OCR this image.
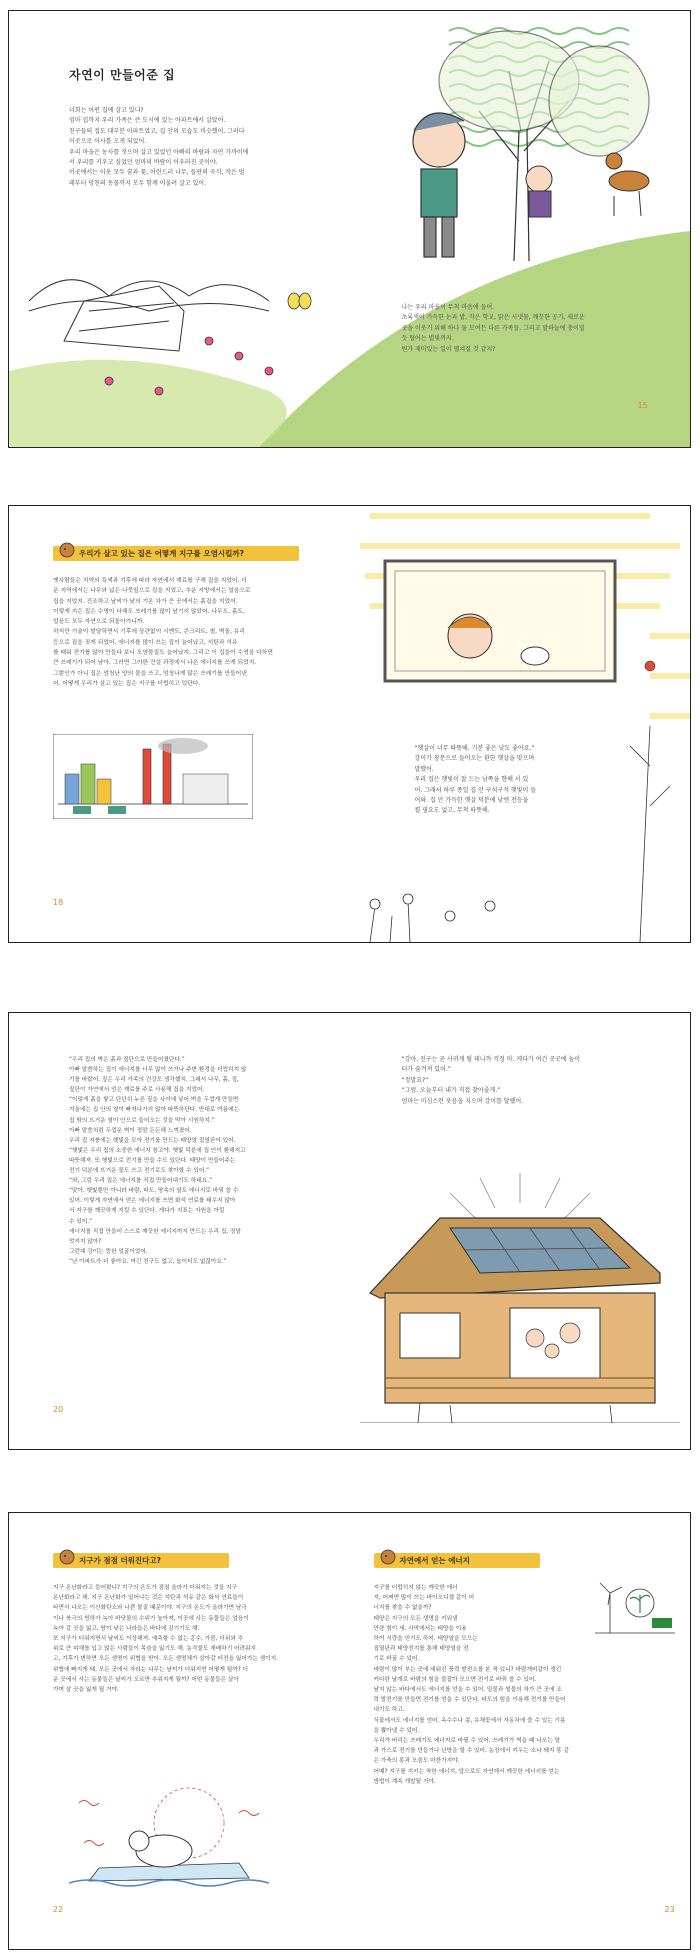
자연이 만들어준 집
너희는 어떤 집에 살고 있니?
엄마 집까지 우리 가족은 큰 도시에 있는 아파트에서 살았어.
친구들의 집도 대부분 아파트였고, 집 안의 모습도 비슷했어. 그러다
이곳으로 이사를 오게 되었어.
우리 마을은 농사를 짓으며 살고 있었던 아빠의 바람과 자연 가까이에
서 우리를 키우고 싶었던 엄마의 바람이 어우러진 곳이야.
이곳에서는 이웃 모두 꿈과 꽃, 어린드러 나무, 들판의 곡식, 작은 벌
레부터 덩친의 동물까지 모두 함께 어울려 살고 있어.
나는 우리 마을이 무척 마음에 들어.
초록색이 가득한 논과 밭, 작은 학교, 맑은 시냇물, 깨끗한 공기, 새로운
곳을 이웃기 위해 하나 둘 모여든 다른 가족들. 그리고 말하늘에 충이밀
듯 떨어는 별빛까지.
뭔가 재미있는 일이 펼쳐질 것 같지?
15
우리가 살고 있는 집은 어떻게 지구를 오염시킬까?
옛사람들은 지역의 특색과 기후에 따라 자연에서 재료를 구해 집을 지었어. 더
운 지역에서는 나무와 넓은 나뭇잎으로 집을 지었고, 추운 지방에서는 얼음으로
집을 지었지. 건조하고 날씨가 낮의 기온 차가 큰 곳에서는 흙집을 지었어.
이렇게 지은 집은 수명이 다해도 쓰레기를 많이 남기지 않았어. 나무도, 흙도,
얼음도 모두 자연으로 되돌아가니까.
하지만 기술이 발달하면서 기후에 상관없이 시멘트, 콘크리트, 철, 벽돌, 유리
등으로 집을 짓게 되었어. 에너지를 많이 쓰는 집이 늘어났고, 석탄과 석유
를 태워 전기를 많이 만들다 보니 오염물질도 늘어났지. 그리고 이 집들이 수명을 다하면
큰 쓰레기가 되어 남아. 그러면 그러한 건설 과정에서 나온 에너지를 쓰게 되었지.
그뿐인가 아니 집은 엄청난 양의 물을 쓰고, 엄청나게 많은 쓰레기를 만들어낸
어. 어떻게 우리가 살고 있는 집은 지구를 더럽히고 있단다.
18
“햇살이 너무 따뜻해. 기분 좋은 낮도 좋아요.”
강이가 창문으로 들어오는 환한 햇살을 맞으며
말했어.
우리 집은 햇빛이 잘 드는 남쪽을 향해 서 있
어. 그래서 하루 종일 집 안 구석구석 햇빛이 들
어와. 집 안 가득한 햇살 덕분에 낮엔 전등을
켤 필요도 없고, 무척 따뜻해.
“우리 집의 벽은 흙과 짚단으로 만들어졌단다.”
아빠 말씀하는 집이 에너지를 너무 많이 쓰거나 주변 환경을 더럽히지 않
기를 바랐어. 짚은 우리 가족의 건강도 생각했지. 그래서 나무, 흙, 짚,
짚단이 자연에서 얻은 재료를 주로 사용해 집을 지었어.
“이렇게 흙을 쌓고 단단히 누른 짚을 사이에 넣어 벽을 두껍게 만들면
겨울에는 집 안의 열이 빠져나가지 않아 따뜻하단다. 반대로 여름에는
집 밖의 뜨거운 열이 안으로 들어오는 것을 막아 시원하지.”
아빠 말씀처럼 두껍운 벽이 정말 든든해 느껴졌어.
우리 집 지붕에는 햇빛을 모아 전기를 만드는 태양열 집열판이 있어.
“햇빛은 우리 집의 소중한 에너지 창고야. 햇빛 덕분에 집 안이 환해지고
따뜻해져. 또 햇빛으로 전기를 만들 수도 있단다. 태양이 만들어주는
전기 덕분에 뜨거운 물도 쓰고 전기로도 찾아할 수 있어.”
“와, 그럼 우리 집은 에너지를 직접 만들어내기도 하네요.”
“맞아. 햇빛뿐만 아니라 바람, 파도, 땅속의 열도 에너지로 바꿔 쓸 수
있어. 이렇게 자연에서 얻은 에너지를 쓰면 화석 연료를 태우지 않아
서 지구를 깨끗하게 지킬 수 있단다. 게다가 지표는 자원을 아낄
수 있어.”
에너지를 직접 만들어 스스로 깨끗한 에너지까지 만드는 우리 집, 정말
멋지지 않아?
그런데 강이는 뚱한 얼굴이었어.
“난 아파트가 더 좋아요. 여긴 친구도 없고, 놀이터도 없잖아요.”
20
“강아, 친구는 곧 사귀게 될 테니까 걱정 마. 게다가 여긴 곳곳에 놀이
터가 숨겨져 있어.”
“정말요?”
“그럼. 오늘부터 내가 직접 찾아줄게.”
엄마는 미심스런 웃음을 지으며 강이를 달랬어.
지구가 점점 더워진다고?
지구 온난화라고 들어봤니? 지구의 온도가 점점 올라가 더워지는 것을 지구
온난화라고 해. 지구 온난화가 일어나는 것은 석탄과 석유 같은 화석 연료들이
타면서 나오는 이산화탄소와 나쁜 물질 때문이야. 지구의 온도가 올라가면 남극
이나 북극의 빙하가 녹아 바닷물의 수위가 높아져, 이곳에 사는 동물들은 얼음이
녹아 갈 곳을 잃고, 땅이 낮은 나라들은 바다에 잠기기도 해.
또 지구가 더워지면서 날씨도 이상해져. 예측할 수 없는 홍수, 가뭄, 더위와 추
위로 큰 피해를 입고 많은 사람들이 목숨을 잃기도 해. 농작물도 재배하기 어려워지
고, 기후가 변하면 모든 생명이 위협을 받아. 모든 생명체가 살아갈 터전을 잃어가는 셈이지.
위협에 빠지게 돼. 모든 곳에서 자라는 나무는 날씨가 더워지면 어떻게 될까? 더
운 곳에서 사는 동물들은 날씨가 오르면 추워지게 될까? 어떤 동물들은 살아
가며 살 곳을 잃게 될 거야.
22
자연에서 얻는 에너지
지구를 더럽히지 않는 깨끗한 에너
지, 어쩌면 많이 쓰는 바이오디젤 같이 어
너지를 찾을 수 없을까?
태양은 지구의 모든 생명을 키워낼
만큼 힘이 세. 사막에서는 태양을 이용
하여 식량을 얻기도 하지. 태양열을 모으는
집열판과 태양전지를 통해 태양열을 전
기로 바꿀 수 있어.
바람이 많이 부는 곳에 세워진 풍력 발전소를 본 적 있니? 바람개비같이 생긴
커다란 날개로 바람의 힘을 불잡아 모으면 전기로 바꿔 쓸 수 있어.
날지 않는 바다에서도 에너지를 얻을 수 있어. 밀물과 썰물의 차가 큰 곳에 조
력 발전기를 만들면 전기를 얻을 수 있단다. 파도의 힘을 이용해 전기를 만들어
내기도 하고.
식물에서도 에너지를 얻어. 옥수수나 콩, 유채꽃에서 자동차에 쓸 수 있는 기름
을 뽑아낼 수 있어.
우리가 버리는 쓰레기도 에너지로 바뀔 수 있어. 쓰레기가 썩을 때 나오는 열
과 가스로 전기를 만들거나 난방을 할 수 있어. 농장에서 키우는 소나 돼지 똥 같
은 가축의 똥과 오줌도 마찬가지야.
어때? 지구를 지키는 착한 에너지, 앞으로도 자연에서 깨끗한 에너지를 얻는
방법이 계속 개발될 거야.
23
